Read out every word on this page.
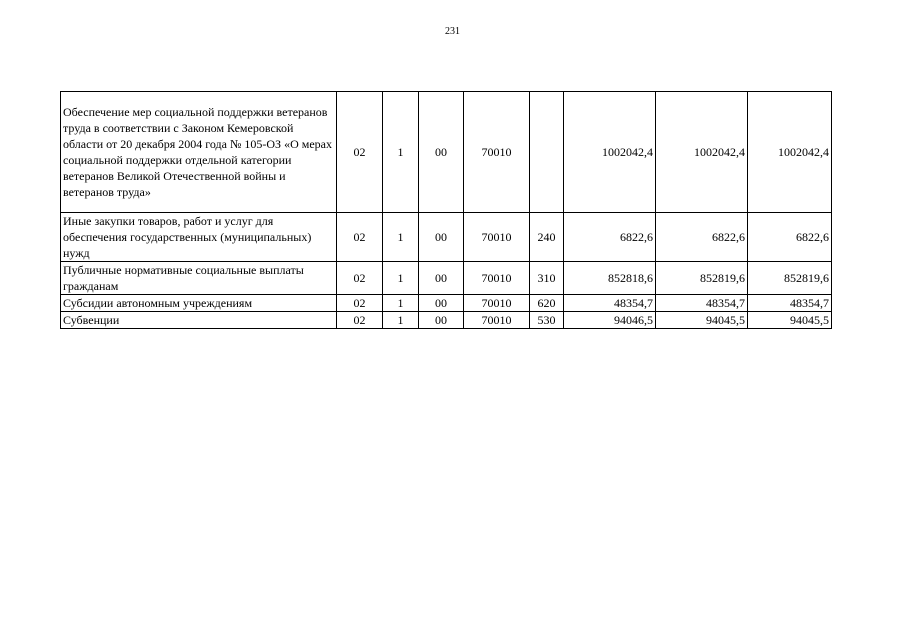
231
Обеспечение мер социальной поддержки ветеранов труда в соответствии с Законом Кемеровской области от 20 декабря 2004 года № 105-ОЗ «О мерах социальной поддержки отдельной категории ветеранов Великой Отечественной войны и ветеранов труда»	02	1	00	70010		1002042,4	1002042,4	1002042,4
Иные закупки товаров, работ и услуг для обеспечения государственных (муниципальных) нужд	02	1	00	70010	240	6822,6	6822,6	6822,6
Публичные нормативные социальные выплаты гражданам	02	1	00	70010	310	852818,6	852819,6	852819,6
Субсидии автономным учреждениям	02	1	00	70010	620	48354,7	48354,7	48354,7
Субвенции	02	1	00	70010	530	94046,5	94045,5	94045,5
